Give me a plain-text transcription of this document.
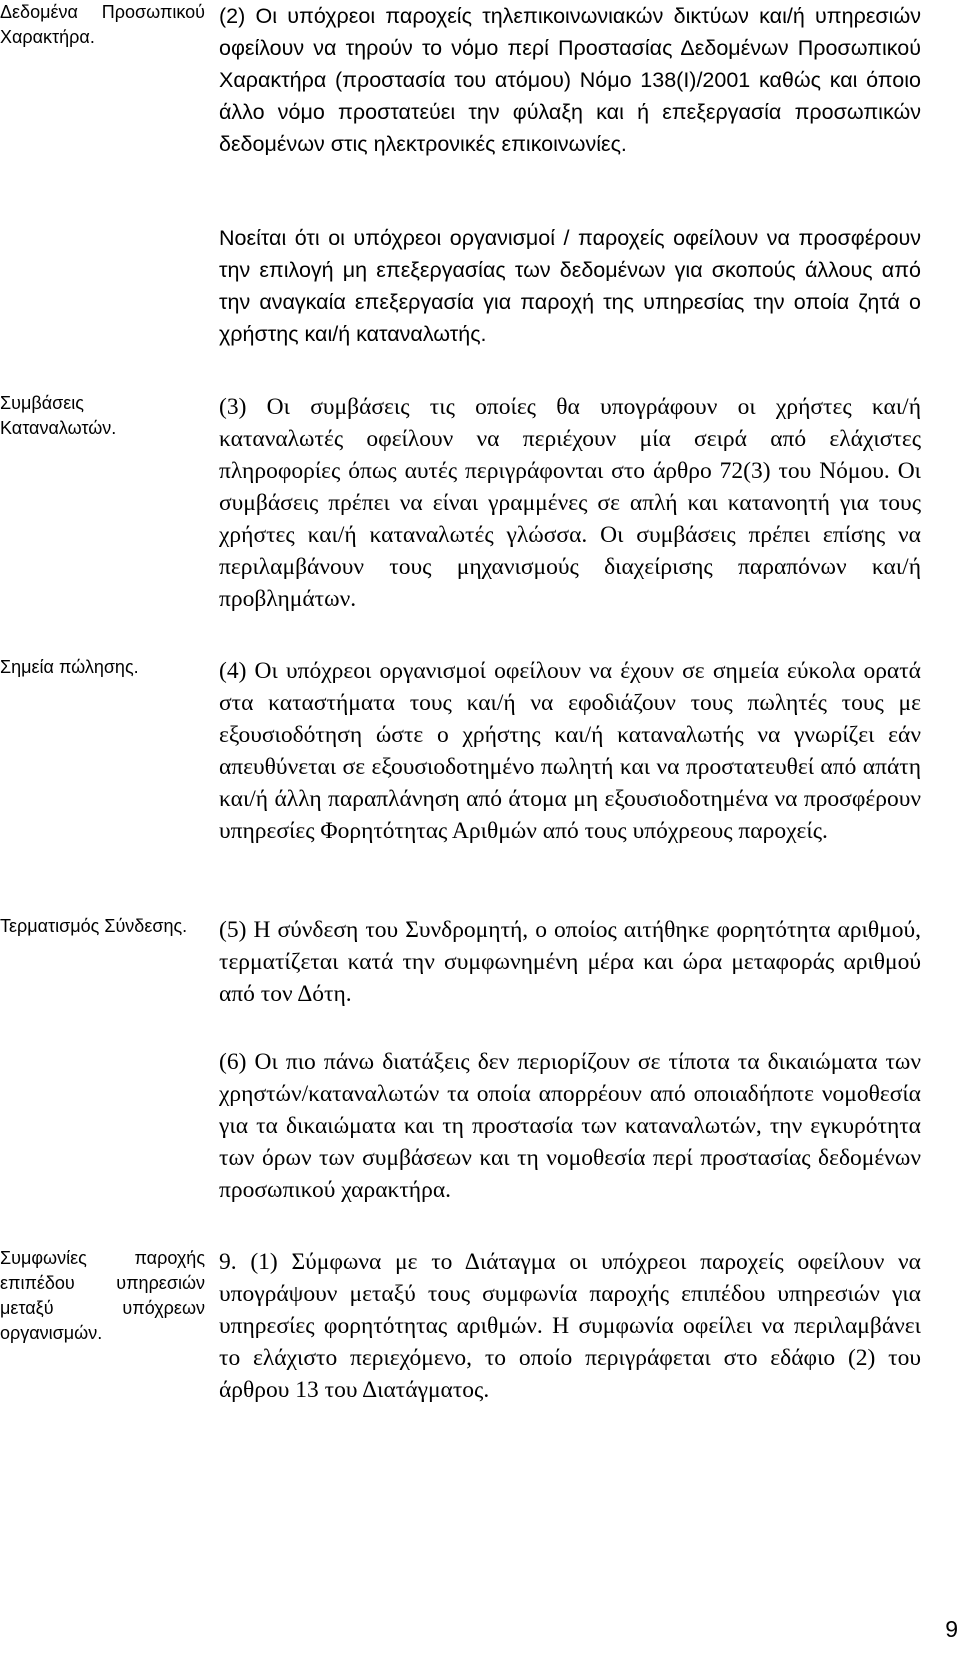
Δεδομένα Προσωπικού Χαρακτήρα.
(2) Οι υπόχρεοι παροχείς τηλεπικοινωνιακών δικτύων και/ή υπηρεσιών οφείλουν να τηρούν το νόμο περί Προστασίας Δεδομένων Προσωπικού Χαρακτήρα (προστασία του ατόμου) Νόμο 138(Ι)/2001 καθώς και όποιο άλλο νόμο προστατεύει την φύλαξη και ή επεξεργασία προσωπικών δεδομένων στις ηλεκτρονικές επικοινωνίες.
Νοείται ότι οι υπόχρεοι οργανισμοί / παροχείς οφείλουν να προσφέρουν την επιλογή μη επεξεργασίας των δεδομένων για σκοπούς άλλους από την αναγκαία επεξεργασία για παροχή της υπηρεσίας την οποία ζητά ο χρήστης και/ή καταναλωτής.
Συμβάσεις Καταναλωτών.
(3) Οι συμβάσεις τις οποίες θα υπογράφουν οι χρήστες και/ή καταναλωτές οφείλουν να περιέχουν μία σειρά από ελάχιστες πληροφορίες όπως αυτές περιγράφονται στο άρθρο 72(3) του Νόμου. Οι συμβάσεις πρέπει να είναι γραμμένες σε απλή και κατανοητή για τους χρήστες και/ή καταναλωτές γλώσσα. Οι συμβάσεις πρέπει επίσης να περιλαμβάνουν τους μηχανισμούς διαχείρισης παραπόνων και/ή προβλημάτων.
Σημεία πώλησης.	(4) Οι υπόχρεοι οργανισμοί οφείλουν να έχουν σε σημεία εύκολα ορατά στα καταστήματα τους και/ή να εφοδιάζουν τους πωλητές τους με εξουσιοδότηση ώστε ο χρήστης και/ή καταναλωτής να γνωρίζει εάν απευθύνεται σε εξουσιοδοτημένο πωλητή και να προστατευθεί από απάτη και/ή άλλη παραπλάνηση από άτομα μη εξουσιοδοτημένα να προσφέρουν υπηρεσίες Φορητότητας Αριθμών από τους υπόχρεους παροχείς.
Τερματισμός Σύνδεσης.	(5) Η σύνδεση του Συνδρομητή, ο οποίος αιτήθηκε φορητότητα αριθμού, τερματίζεται κατά την συμφωνημένη μέρα και ώρα μεταφοράς αριθμού από τον Δότη.
(6) Οι πιο πάνω διατάξεις δεν περιορίζουν σε τίποτα τα δικαιώματα των χρηστών/καταναλωτών τα οποία απορρέουν από οποιαδήποτε νομοθεσία για τα δικαιώματα και τη προστασία των καταναλωτών, την εγκυρότητα των όρων των συμβάσεων και τη νομοθεσία περί προστασίας δεδομένων προσωπικού χαρακτήρα.
Συμφωνίες παροχής επιπέδου υπηρεσιών μεταξύ υπόχρεων οργανισμών.
9. (1) Σύμφωνα με το Διάταγμα οι υπόχρεοι παροχείς οφείλουν να υπογράψουν μεταξύ τους συμφωνία παροχής επιπέδου υπηρεσιών για υπηρεσίες φορητότητας αριθμών. Η συμφωνία οφείλει να περιλαμβάνει το ελάχιστο περιεχόμενο, το οποίο περιγράφεται στο εδάφιο (2) του άρθρου 13 του Διατάγματος.
9
